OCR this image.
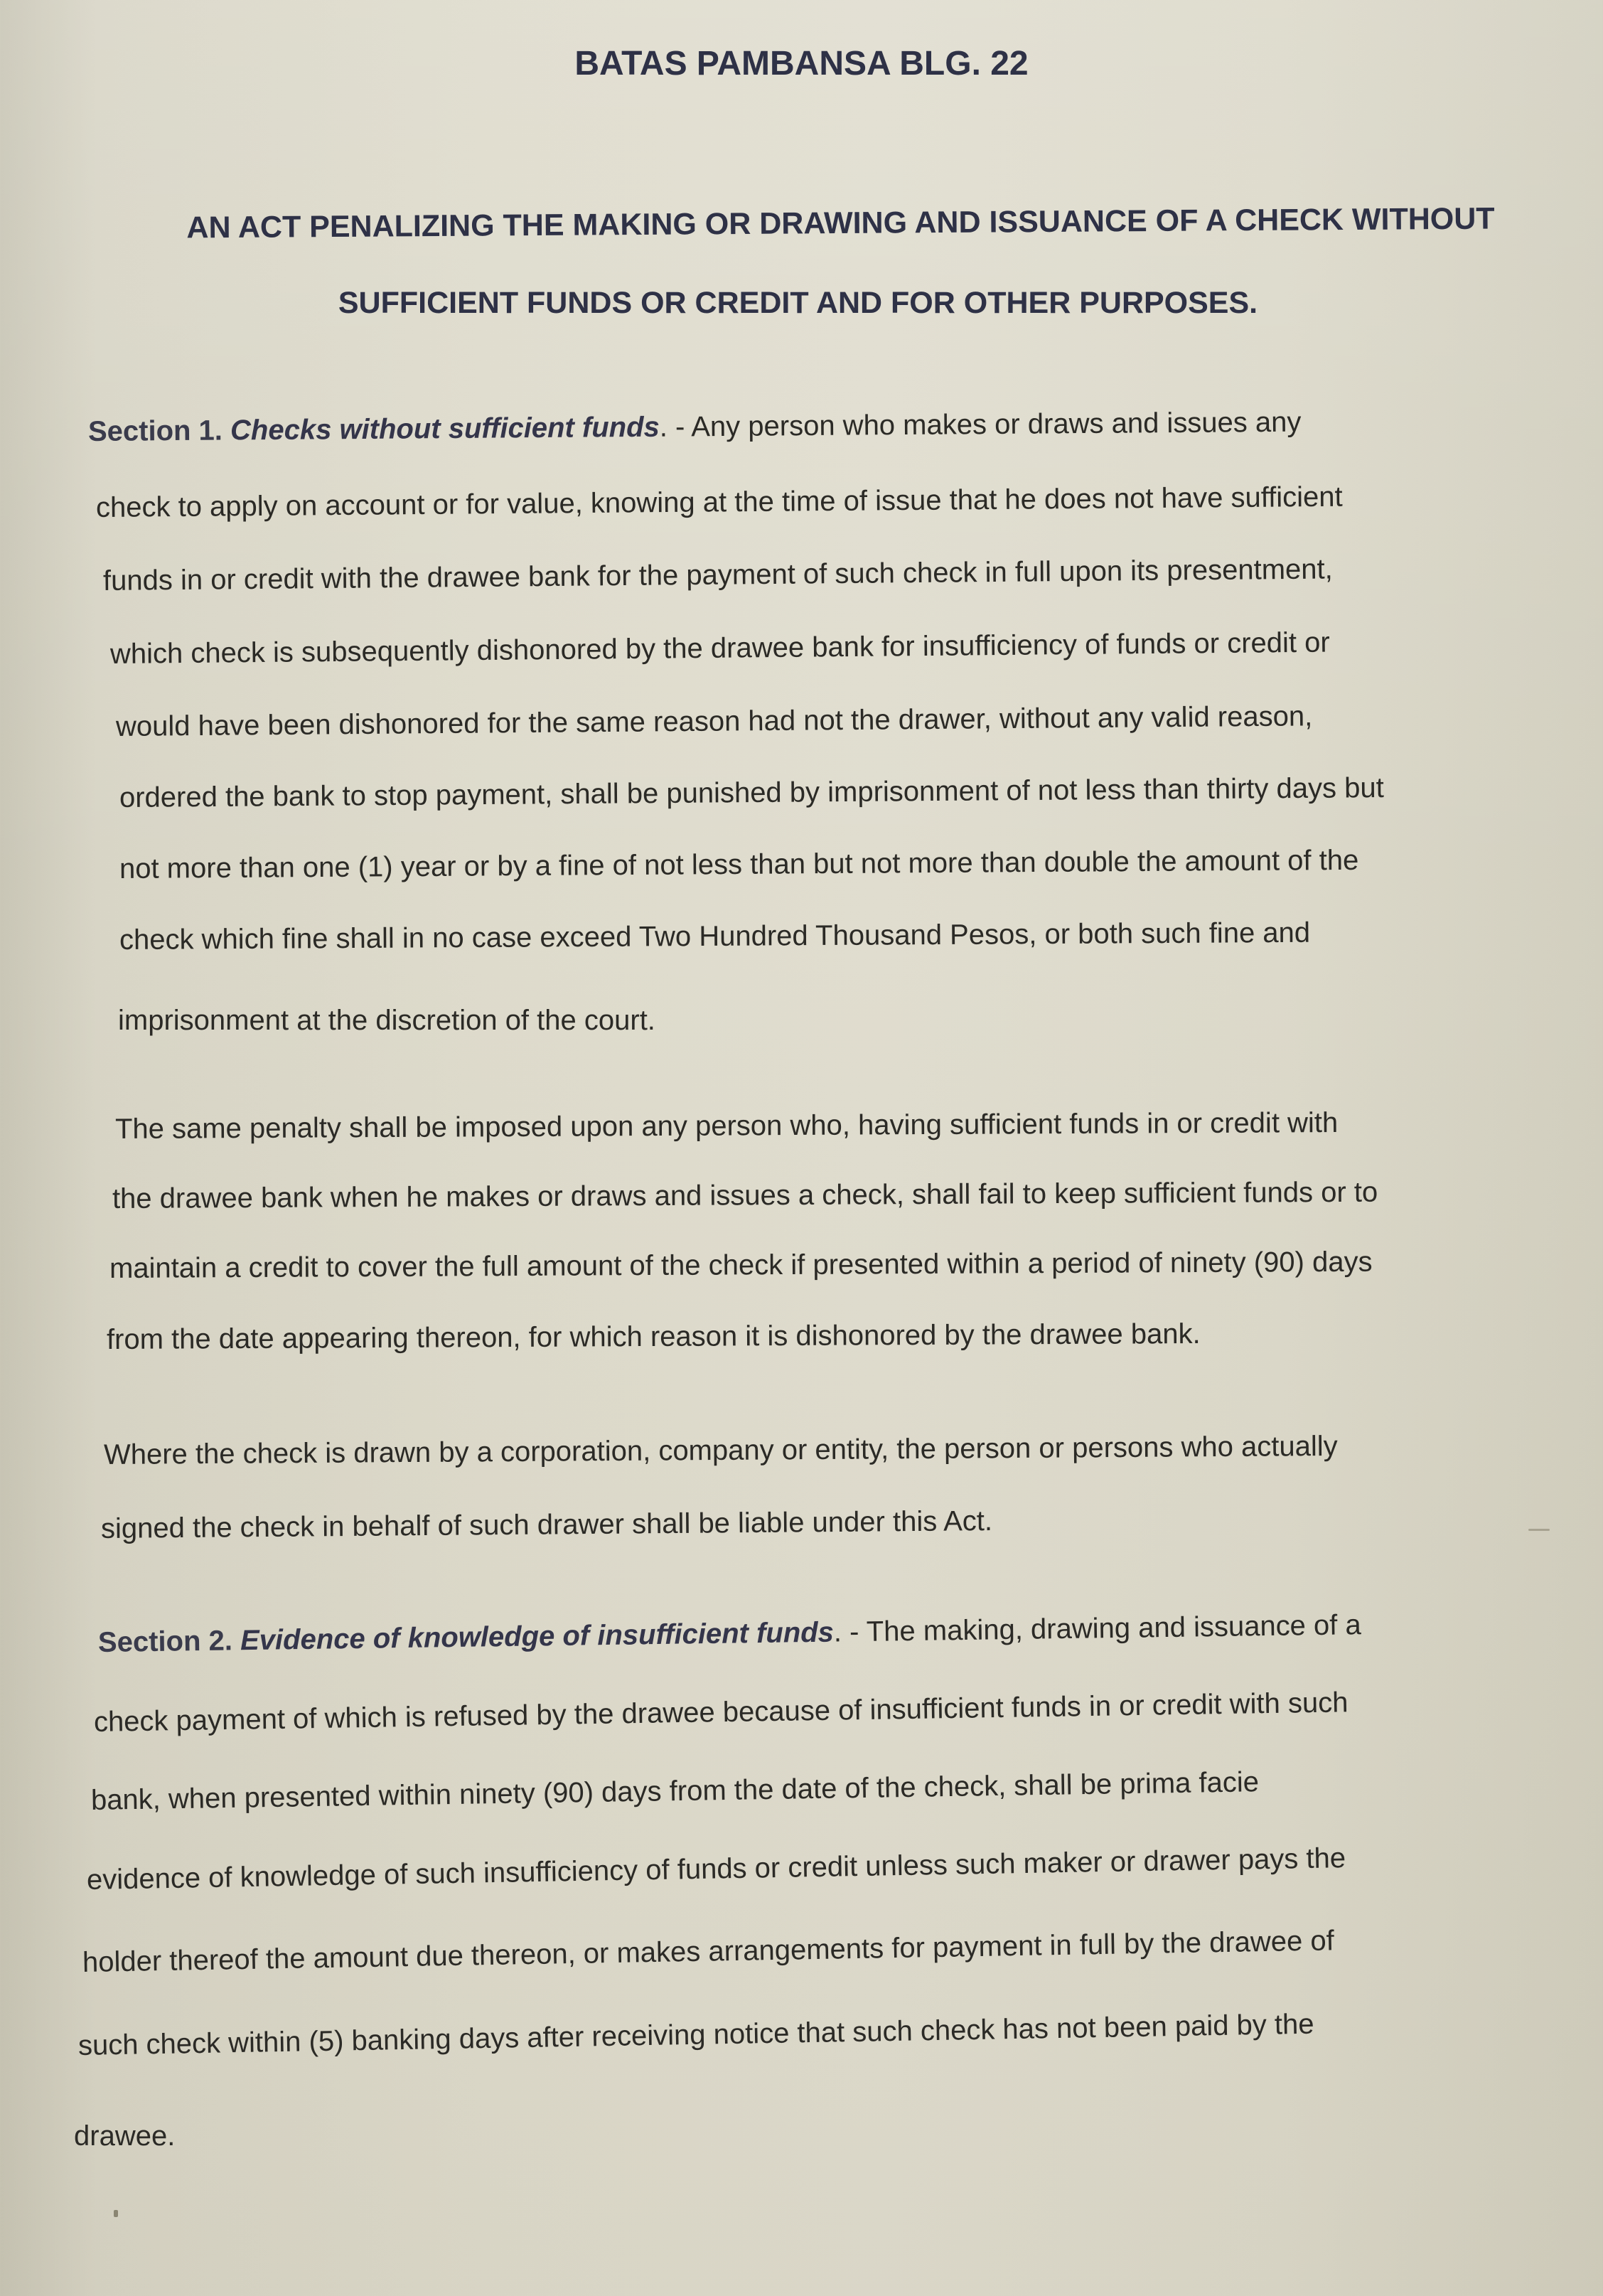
BATAS PAMBANSA BLG. 22
AN ACT PENALIZING THE MAKING OR DRAWING AND ISSUANCE OF A CHECK WITHOUT
SUFFICIENT FUNDS OR CREDIT AND FOR OTHER PURPOSES.
Section 1. Checks without sufficient funds. - Any person who makes or draws and issues any
check to apply on account or for value, knowing at the time of issue that he does not have sufficient
funds in or credit with the drawee bank for the payment of such check in full upon its presentment,
which check is subsequently dishonored by the drawee bank for insufficiency of funds or credit or
would have been dishonored for the same reason had not the drawer, without any valid reason,
ordered the bank to stop payment, shall be punished by imprisonment of not less than thirty days but
not more than one (1) year or by a fine of not less than but not more than double the amount of the
check which fine shall in no case exceed Two Hundred Thousand Pesos, or both such fine and
imprisonment at the discretion of the court.
The same penalty shall be imposed upon any person who, having sufficient funds in or credit with
the drawee bank when he makes or draws and issues a check, shall fail to keep sufficient funds or to
maintain a credit to cover the full amount of the check if presented within a period of ninety (90) days
from the date appearing thereon, for which reason it is dishonored by the drawee bank.
Where the check is drawn by a corporation, company or entity, the person or persons who actually
signed the check in behalf of such drawer shall be liable under this Act.
Section 2. Evidence of knowledge of insufficient funds. - The making, drawing and issuance of a
check payment of which is refused by the drawee because of insufficient funds in or credit with such
bank, when presented within ninety (90) days from the date of the check, shall be prima facie
evidence of knowledge of such insufficiency of funds or credit unless such maker or drawer pays the
holder thereof the amount due thereon, or makes arrangements for payment in full by the drawee of
such check within (5) banking days after receiving notice that such check has not been paid by the
drawee.
